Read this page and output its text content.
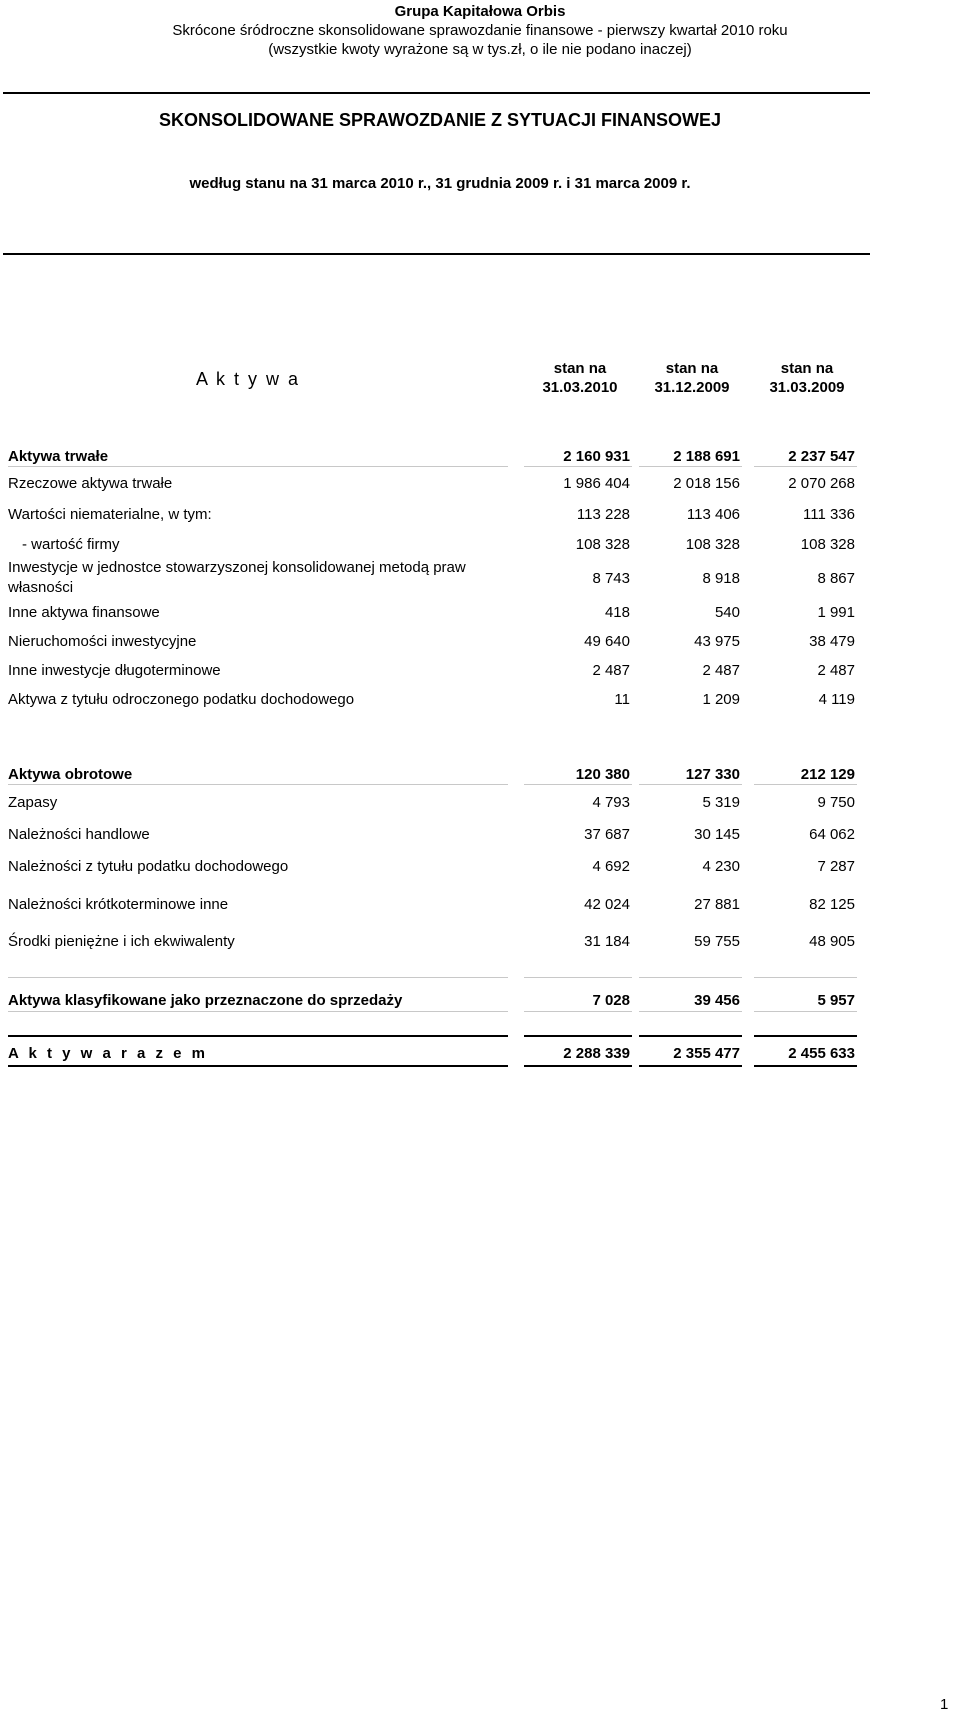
Grupa Kapitałowa Orbis
Skrócone śródroczne skonsolidowane sprawozdanie finansowe - pierwszy kwartał 2010 roku
(wszystkie kwoty wyrażone są w tys.zł, o ile nie podano inaczej)
SKONSOLIDOWANE SPRAWOZDANIE Z SYTUACJI FINANSOWEJ
według stanu na 31 marca 2010 r., 31 grudnia 2009 r. i 31 marca 2009 r.
A k t y w a
stan na
31.03.2010
stan na
31.12.2009
stan na
31.03.2009
Aktywa trwałe	2 160 931	2 188 691	2 237 547
Rzeczowe aktywa trwałe	1 986 404	2 018 156	2 070 268
Wartości niematerialne, w tym:	113 228	113 406	111 336
- wartość firmy	108 328	108 328	108 328
Inwestycje w jednostce stowarzyszonej konsolidowanej metodą praw
własności
8 743	8 918	8 867
Inne aktywa finansowe	418	540	1 991
Nieruchomości inwestycyjne	49 640	43 975	38 479
Inne inwestycje długoterminowe	2 487	2 487	2 487
Aktywa z tytułu odroczonego podatku dochodowego	11	1 209	4 119
Aktywa obrotowe	120 380	127 330	212 129
Zapasy	4 793	5 319	9 750
Należności handlowe	37 687	30 145	64 062
Należności z tytułu podatku dochodowego	4 692	4 230	7 287
Należności krótkoterminowe inne	42 024	27 881	82 125
Środki pieniężne i ich ekwiwalenty	31 184	59 755	48 905
Aktywa klasyfikowane jako przeznaczone do sprzedaży	7 028	39 456	5 957
A k t y w a r a z e m	2 288 339	2 355 477	2 455 633
1
